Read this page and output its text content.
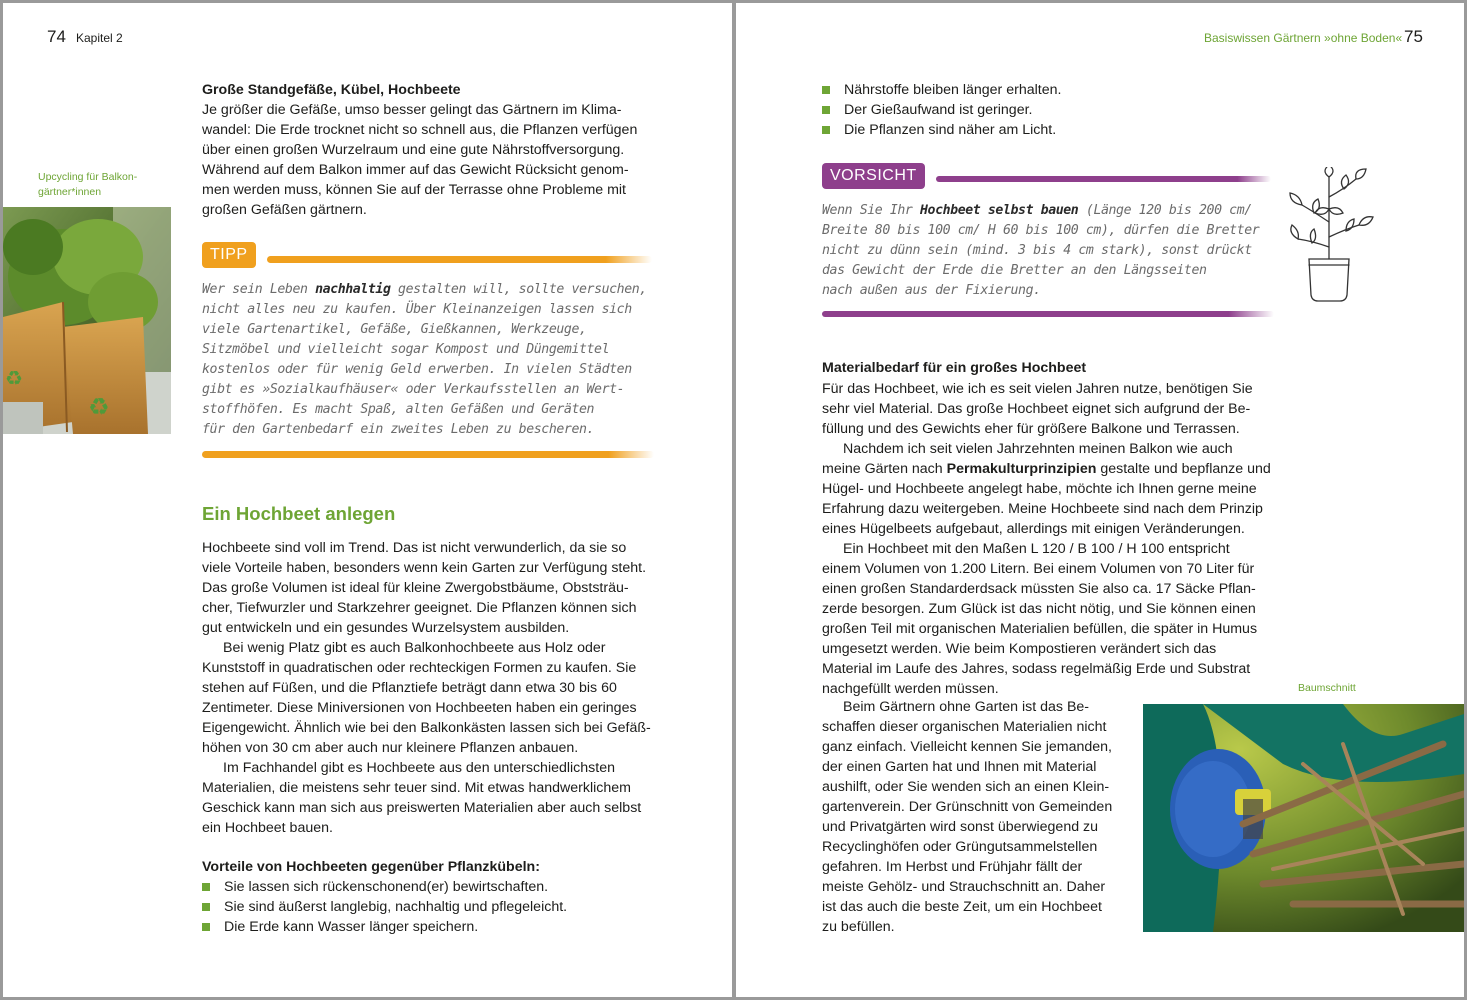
74 Kapitel 2
Upcycling für Balkon-
gärtner*innen
♻
♻
Große Standgefäße, Kübel, Hochbeete
Je größer die Gefäße, umso besser gelingt das Gärtnern im Klima-
wandel: Die Erde trocknet nicht so schnell aus, die Pflanzen verfügen
über einen großen Wurzelraum und eine gute Nährstoffversorgung.
Während auf dem Balkon immer auf das Gewicht Rücksicht genom-
men werden muss, können Sie auf der Terrasse ohne Probleme mit
großen Gefäßen gärtnern.
TIPP
Wer sein Leben nachhaltig gestalten will, sollte versuchen,
nicht alles neu zu kaufen. Über Kleinanzeigen lassen sich
viele Gartenartikel, Gefäße, Gießkannen, Werkzeuge,
Sitzmöbel und vielleicht sogar Kompost und Düngemittel
kostenlos oder für wenig Geld erwerben. In vielen Städten
gibt es »Sozialkaufhäuser« oder Verkaufsstellen an Wert-
stoffhöfen. Es macht Spaß, alten Gefäßen und Geräten
für den Gartenbedarf ein zweites Leben zu bescheren.
Ein Hochbeet anlegen
Hochbeete sind voll im Trend. Das ist nicht verwunderlich, da sie so
viele Vorteile haben, besonders wenn kein Garten zur Verfügung steht.
Das große Volumen ist ideal für kleine Zwergobstbäume, Obststräu-
cher, Tiefwurzler und Starkzehrer geeignet. Die Pflanzen können sich
gut entwickeln und ein gesundes Wurzelsystem ausbilden.
Bei wenig Platz gibt es auch Balkonhochbeete aus Holz oder
Kunststoff in quadratischen oder rechteckigen Formen zu kaufen. Sie
stehen auf Füßen, und die Pflanztiefe beträgt dann etwa 30 bis 60
Zentimeter. Diese Miniversionen von Hochbeeten haben ein geringes
Eigengewicht. Ähnlich wie bei den Balkonkästen lassen sich bei Gefäß-
höhen von 30 cm aber auch nur kleinere Pflanzen anbauen.
Im Fachhandel gibt es Hochbeete aus den unterschiedlichsten
Materialien, die meistens sehr teuer sind. Mit etwas handwerklichem
Geschick kann man sich aus preiswerten Materialien aber auch selbst
ein Hochbeet bauen.
Vorteile von Hochbeeten gegenüber Pflanzkübeln:
Sie lassen sich rückenschonend(er) bewirtschaften.
Sie sind äußerst langlebig, nachhaltig und pflegeleicht.
Die Erde kann Wasser länger speichern.
Basiswissen Gärtnern »ohne Boden« 75
Nährstoffe bleiben länger erhalten.
Der Gießaufwand ist geringer.
Die Pflanzen sind näher am Licht.
VORSICHT
Wenn Sie Ihr Hochbeet selbst bauen (Länge 120 bis 200 cm/
Breite 80 bis 100 cm/ H 60 bis 100 cm), dürfen die Bretter
nicht zu dünn sein (mind. 3 bis 4 cm stark), sonst drückt
das Gewicht der Erde die Bretter an den Längsseiten
nach außen aus der Fixierung.
Materialbedarf für ein großes Hochbeet
Für das Hochbeet, wie ich es seit vielen Jahren nutze, benötigen Sie
sehr viel Material. Das große Hochbeet eignet sich aufgrund der Be-
füllung und des Gewichts eher für größere Balkone und Terrassen.
Nachdem ich seit vielen Jahrzehnten meinen Balkon wie auch
meine Gärten nach Permakulturprinzipien gestalte und bepflanze und
Hügel- und Hochbeete angelegt habe, möchte ich Ihnen gerne meine
Erfahrung dazu weitergeben. Meine Hochbeete sind nach dem Prinzip
eines Hügelbeets aufgebaut, allerdings mit einigen Veränderungen.
Ein Hochbeet mit den Maßen L 120 / B 100 / H 100 entspricht
einem Volumen von 1.200 Litern. Bei einem Volumen von 70 Liter für
einen großen Standarderdsack müssten Sie also ca. 17 Säcke Pflan-
zerde besorgen. Zum Glück ist das nicht nötig, und Sie können einen
großen Teil mit organischen Materialien befüllen, die später in Humus
umgesetzt werden. Wie beim Kompostieren verändert sich das
Material im Laufe des Jahres, sodass regelmäßig Erde und Substrat
nachgefüllt werden müssen.
Beim Gärtnern ohne Garten ist das Be-
schaffen dieser organischen Materialien nicht
ganz einfach. Vielleicht kennen Sie jemanden,
der einen Garten hat und Ihnen mit Material
aushilft, oder Sie wenden sich an einen Klein-
gartenverein. Der Grünschnitt von Gemeinden
und Privatgärten wird sonst überwiegend zu
Recyclinghöfen oder Grüngutsammelstellen
gefahren. Im Herbst und Frühjahr fällt der
meiste Gehölz- und Strauchschnitt an. Daher
ist das auch die beste Zeit, um ein Hochbeet
zu befüllen.
Baumschnitt
